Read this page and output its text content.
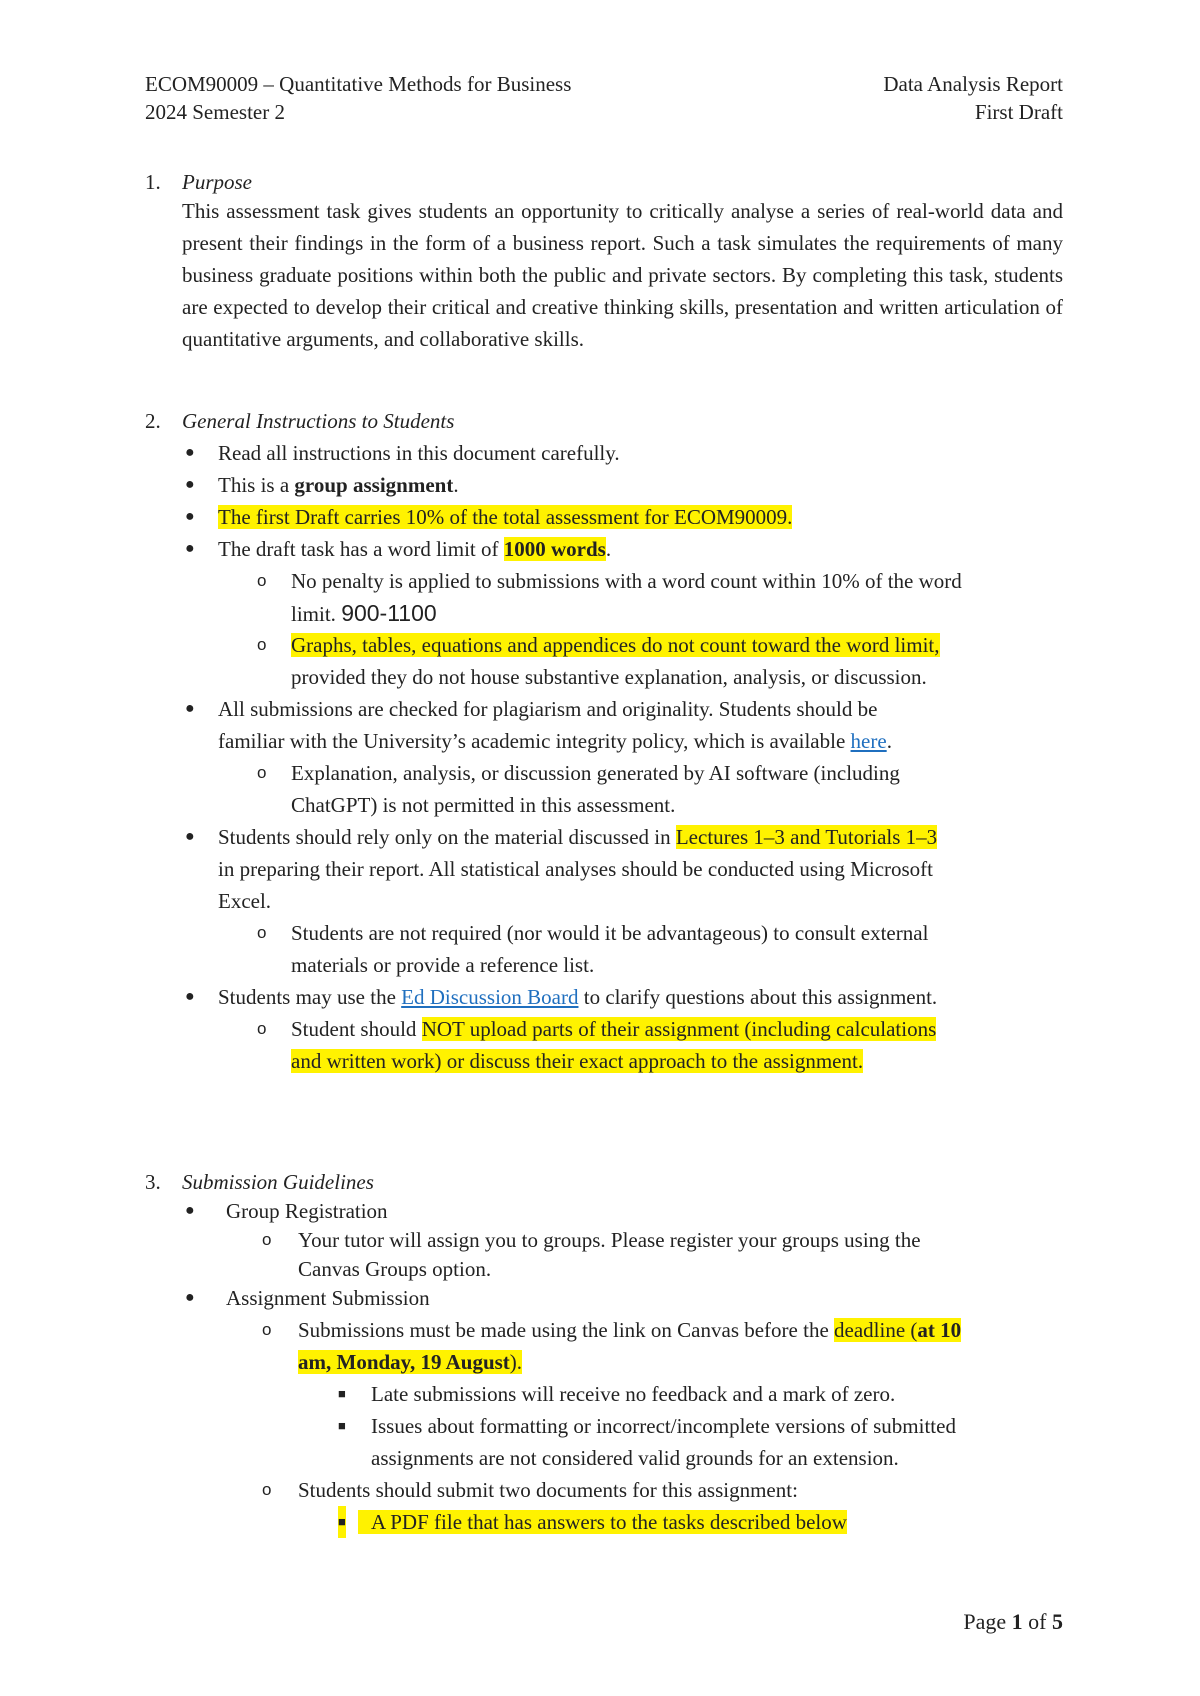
ECOM90009 – Quantitative Methods for Business	Data Analysis Report
2024 Semester 2	First Draft
1.	Purpose
This assessment task gives students an opportunity to critically analyse a series of real-world data and present their findings in the form of a business report. Such a task simulates the requirements of many business graduate positions within both the public and private sectors. By completing this task, students are expected to develop their critical and creative thinking skills, presentation and written articulation of quantitative arguments, and collaborative skills.
2.	General Instructions to Students
● Read all instructions in this document carefully.
● This is a group assignment.
● The first Draft carries 10% of the total assessment for ECOM90009.
● The draft task has a word limit of 1000 words.
o No penalty is applied to submissions with a word count within 10% of the word
limit. 900-1100
o Graphs, tables, equations and appendices do not count toward the word limit,
provided they do not house substantive explanation, analysis, or discussion.
● All submissions are checked for plagiarism and originality. Students should be
familiar with the University’s academic integrity policy, which is available here.
o Explanation, analysis, or discussion generated by AI software (including
ChatGPT) is not permitted in this assessment.
● Students should rely only on the material discussed in Lectures 1–3 and Tutorials 1–3
in preparing their report. All statistical analyses should be conducted using Microsoft
Excel.
o Students are not required (nor would it be advantageous) to consult external
materials or provide a reference list.
● Students may use the Ed Discussion Board to clarify questions about this assignment.
o Student should NOT upload parts of their assignment (including calculations
and written work) or discuss their exact approach to the assignment.
3.	Submission Guidelines
● Group Registration
o Your tutor will assign you to groups. Please register your groups using the
Canvas Groups option.
● Assignment Submission
o Submissions must be made using the link on Canvas before the deadline (at 10
am, Monday, 19 August).
■ Late submissions will receive no feedback and a mark of zero.
■ Issues about formatting or incorrect/incomplete versions of submitted
assignments are not considered valid grounds for an extension.
o Students should submit two documents for this assignment:
■	A PDF file that has answers to the tasks described below
Page 1 of 5
